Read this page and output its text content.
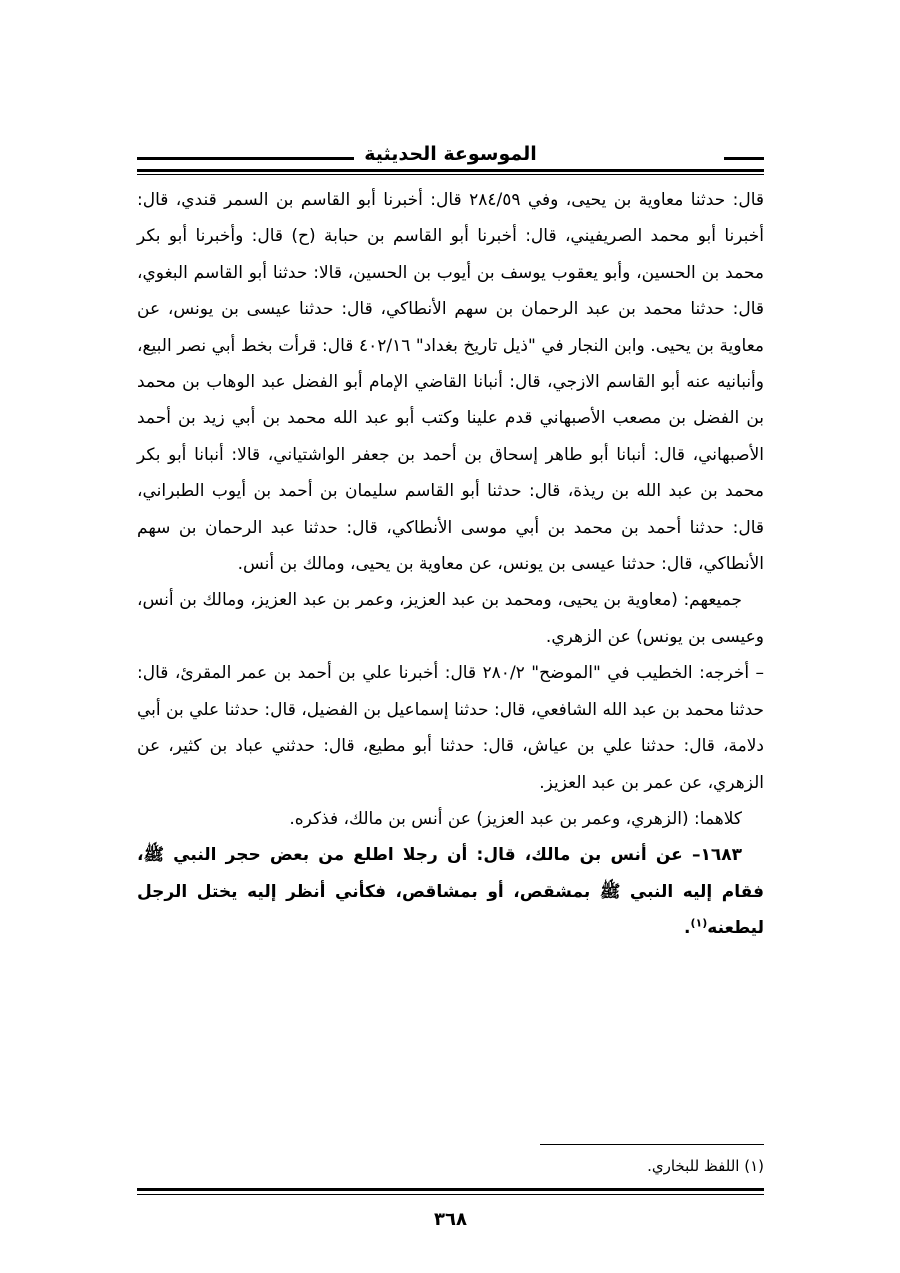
الموسوعة الحديثية

قال: حدثنا معاوية بن يحيى، وفي ٢٨٤/٥٩ قال: أخبرنا أبو القاسم بن السمر قندي، قال: أخبرنا أبو محمد الصريفيني، قال: أخبرنا أبو القاسم بن حبابة (ح) قال: وأخبرنا أبو بكر محمد بن الحسين، وأبو يعقوب يوسف بن أيوب بن الحسين، قالا: حدثنا أبو القاسم البغوي، قال: حدثنا محمد بن عبد الرحمان بن سهم الأنطاكي، قال: حدثنا عيسى بن يونس، عن معاوية بن يحيى. وابن النجار في "ذيل تاريخ بغداد" ٤٠٢/١٦ قال: قرأت بخط أبي نصر البيع، وأنبانيه عنه أبو القاسم الازجي، قال: أنبانا القاضي الإمام أبو الفضل عبد الوهاب بن محمد بن الفضل بن مصعب الأصبهاني قدم علينا وكتب أبو عبد الله محمد بن أبي زيد بن أحمد الأصبهاني، قال: أنبانا أبو طاهر إسحاق بن أحمد بن جعفر الواشتياني، قالا: أنبانا أبو بكر محمد بن عبد الله بن ريذة، قال: حدثنا أبو القاسم سليمان بن أحمد بن أيوب الطبراني، قال: حدثنا أحمد بن محمد بن أبي موسى الأنطاكي، قال: حدثنا عبد الرحمان بن سهم الأنطاكي، قال: حدثنا عيسى بن يونس، عن معاوية بن يحيى، ومالك بن أنس.

جميعهم: (معاوية بن يحيى، ومحمد بن عبد العزيز، وعمر بن عبد العزيز، ومالك بن أنس، وعيسى بن يونس) عن الزهري.

– أخرجه: الخطيب في "الموضح" ٢٨٠/٢ قال: أخبرنا علي بن أحمد بن عمر المقرئ، قال: حدثنا محمد بن عبد الله الشافعي، قال: حدثنا إسماعيل بن الفضيل، قال: حدثنا علي بن أبي دلامة، قال: حدثنا علي بن عياش، قال: حدثنا أبو مطيع، قال: حدثني عباد بن كثير، عن الزهري، عن عمر بن عبد العزيز.

كلاهما: (الزهري، وعمر بن عبد العزيز) عن أنس بن مالك، فذكره.

١٦٨٣– عن أنس بن مالك، قال: أن رجلا اطلع من بعض حجر النبي ﷺ، فقام إليه النبي ﷺ بمشقص، أو بمشاقص، فكأني أنظر إليه يختل الرجل ليطعنه$^{(١)}$.

(١) اللفظ للبخاري.
٣٦٨
